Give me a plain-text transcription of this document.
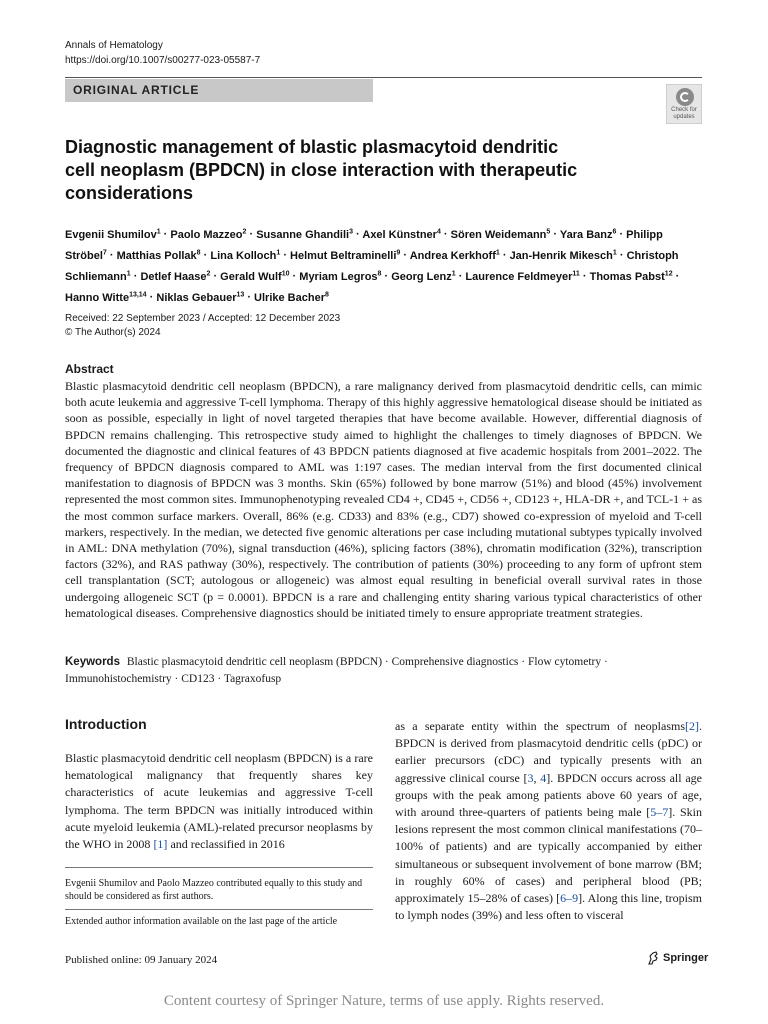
Annals of Hematology
https://doi.org/10.1007/s00277-023-05587-7
ORIGINAL ARTICLE
Check for
updates
Diagnostic management of blastic plasmacytoid dendritic cell neoplasm (BPDCN) in close interaction with therapeutic considerations
Evgenii Shumilov$^1$ · Paolo Mazzeo$^2$ · Susanne Ghandili$^3$ · Axel Künstner$^4$ · Sören Weidemann$^5$ · Yara Banz$^6$ · Philipp Ströbel$^7$ · Matthias Pollak$^8$ · Lina Kolloch$^1$ · Helmut Beltraminelli$^9$ · Andrea Kerkhoff$^1$ · Jan-Henrik Mikesch$^1$ · Christoph Schliemann$^1$ · Detlef Haase$^2$ · Gerald Wulf$^{10}$ · Myriam Legros$^8$ · Georg Lenz$^1$ · Laurence Feldmeyer$^{11}$ · Thomas Pabst$^{12}$ · Hanno Witte$^{13,14}$ · Niklas Gebauer$^{13}$ · Ulrike Bacher$^8$
Received: 22 September 2023 / Accepted: 12 December 2023
© The Author(s) 2024
Abstract
Blastic plasmacytoid dendritic cell neoplasm (BPDCN), a rare malignancy derived from plasmacytoid dendritic cells, can mimic both acute leukemia and aggressive T-cell lymphoma. Therapy of this highly aggressive hematological disease should be initiated as soon as possible, especially in light of novel targeted therapies that have become available. However, differential diagnosis of BPDCN remains challenging. This retrospective study aimed to highlight the challenges to timely diagnoses of BPDCN. We documented the diagnostic and clinical features of 43 BPDCN patients diagnosed at five academic hospitals from 2001–2022. The frequency of BPDCN diagnosis compared to AML was 1:197 cases. The median interval from the first documented clinical manifestation to diagnosis of BPDCN was 3 months. Skin (65%) followed by bone marrow (51%) and blood (45%) involvement represented the most common sites. Immunophenotyping revealed CD4 +, CD45 +, CD56 +, CD123 +, HLA-DR +, and TCL-1 + as the most common surface markers. Overall, 86% (e.g. CD33) and 83% (e.g., CD7) showed co-expression of myeloid and T-cell markers, respectively. In the median, we detected five genomic alterations per case including mutational subtypes typically involved in AML: DNA methylation (70%), signal transduction (46%), splicing factors (38%), chromatin modification (32%), transcription factors (32%), and RAS pathway (30%), respectively. The contribution of patients (30%) proceeding to any form of upfront stem cell transplantation (SCT; autologous or allogeneic) was almost equal resulting in beneficial overall survival rates in those undergoing allogeneic SCT (p = 0.0001). BPDCN is a rare and challenging entity sharing various typical characteristics of other hematological diseases. Comprehensive diagnostics should be initiated timely to ensure appropriate treatment strategies.
Keywords Blastic plasmacytoid dendritic cell neoplasm (BPDCN) · Comprehensive diagnostics · Flow cytometry · Immunohistochemistry · CD123 · Tagraxofusp
Introduction
Blastic plasmacytoid dendritic cell neoplasm (BPDCN) is a rare hematological malignancy that frequently shares key characteristics of acute leukemias and aggressive T-cell lymphoma. The term BPDCN was initially introduced within acute myeloid leukemia (AML)-related precursor neoplasms by the WHO in 2008 [1] and reclassified in 2016
as a separate entity within the spectrum of neoplasms[2]. BPDCN is derived from plasmacytoid dendritic cells (pDC) or earlier precursors (cDC) and typically presents with an aggressive clinical course [3, 4]. BPDCN occurs across all age groups with the peak among patients above 60 years of age, with around three-quarters of patients being male [5–7]. Skin lesions represent the most common clinical manifestations (70–100% of patients) and are typically accompanied by either simultaneous or subsequent involvement of bone marrow (BM; in roughly 60% of cases) and peripheral blood (PB; approximately 15–28% of cases) [6–9]. Along this line, tropism to lymph nodes (39%) and less often to visceral
Evgenii Shumilov and Paolo Mazzeo contributed equally to this study and should be considered as first authors.
Extended author information available on the last page of the article
Published online: 09 January 2024	Springer
Content courtesy of Springer Nature, terms of use apply. Rights reserved.
